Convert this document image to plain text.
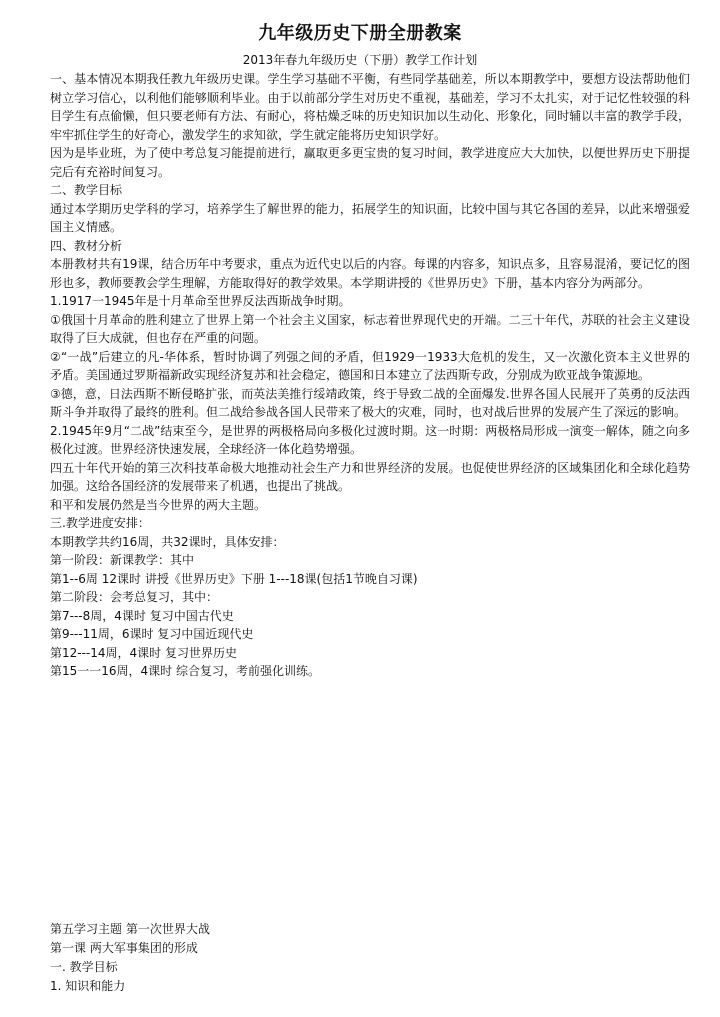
九年级历史下册全册教案
2013年春九年级历史（下册）教学工作计划

一、基本情况本期我任教九年级历史课。学生学习基础不平衡，有些同学基础差，所以本期教学中，要想方设法帮助他们树立学习信心，以利他们能够顺利毕业。由于以前部分学生对历史不重视，基础差，学习不太扎实，对于记忆性较强的科目学生有点偷懒，但只要老师有方法、有耐心，将枯燥乏味的历史知识加以生动化、形象化，同时辅以丰富的教学手段，牢牢抓住学生的好奇心，激发学生的求知欲，学生就定能将历史知识学好。

因为是毕业班，为了使中考总复习能提前进行，赢取更多更宝贵的复习时间，教学进度应大大加快，以便世界历史下册提完后有充裕时间复习。

二、教学目标

通过本学期历史学科的学习，培养学生了解世界的能力，拓展学生的知识面，比较中国与其它各国的差异，以此来增强爱国主义情感。

四、教材分析

本册教材共有19课，结合历年中考要求，重点为近代史以后的内容。每课的内容多，知识点多，且容易混淆，要记忆的图形也多，教师要教会学生理解，方能取得好的教学效果。本学期讲授的《世界历史》下册，基本内容分为两部分。

1.1917一1945年是十月革命至世界反法西斯战争时期。

①俄国十月革命的胜利建立了世界上第一个社会主义国家，标志着世界现代史的开端。二三十年代，苏联的社会主义建设取得了巨大成就，但也存在严重的问题。

②“一战”后建立的凡-华体系，暂时协调了列强之间的矛盾，但1929一1933大危机的发生，又一次激化资本主义世界的矛盾。美国通过罗斯福新政实现经济复苏和社会稳定，德国和日本建立了法西斯专政，分别成为欧亚战争策源地。

③德，意，日法西斯不断侵略扩张，而英法美推行绥靖政策，终于导致二战的全面爆发.世界各国人民展开了英勇的反法西斯斗争并取得了最终的胜利。但二战给参战各国人民带来了极大的灾难，同时，也对战后世界的发展产生了深远的影响。

2.1945年9月“二战”结束至今，是世界的两极格局向多极化过渡时期。这一时期：两极格局形成一演变一解体，随之向多极化过渡。世界经济快速发展，全球经济一体化趋势增强。

四五十年代开始的第三次科技革命极大地推动社会生产力和世界经济的发展。也促使世界经济的区域集团化和全球化趋势加强。这给各国经济的发展带来了机遇，也提出了挑战。

和平和发展仍然是当今世界的两大主题。

三.教学进度安排：

本期教学共约16周，共32课时，具体安排：

第一阶段：新课教学：其中

第1--6周 12课时 讲授《世界历史》下册 1---18课(包括1节晚自习课)

第二阶段：会考总复习，其中：

第7---8周，4课时 复习中国古代史

第9---11周，6课时 复习中国近现代史

第12---14周，4课时 复习世界历史

第15一一16周，4课时 综合复习，考前强化训练。

第五学习主题 第一次世界大战

第一课 两大军事集团的形成

一. 教学目标

1. 知识和能力
